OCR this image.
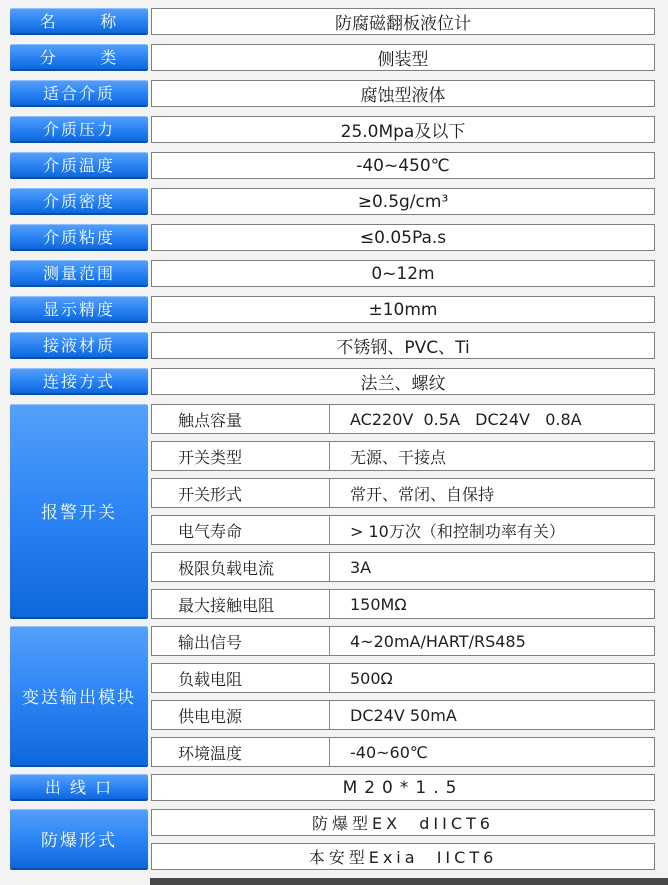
名      称	防腐磁翻板液位计
分      类	侧装型
适合介质	腐蚀型液体
介质压力	25.0Mpa及以下
介质温度	-40~450℃
介质密度	≥0.5g/cm³
介质粘度	≤0.05Pa.s
测量范围	0~12m
显示精度	±10mm
接液材质	不锈钢、PVC、Ti
连接方式	法兰、螺纹
报警开关
触点容量	AC220V  0.5A   DC24V   0.8A
开关类型	无源、干接点
开关形式	常开、常闭、自保持
电气寿命	> 10万次（和控制功率有关）
极限负载电流	3A
最大接触电阻	150MΩ
变送输出模块
输出信号	4~20mA/HART/RS485
负载电阻	500Ω
供电电源	DC24V 50mA
环境温度	-40~60℃
出 线 口	M20*1.5
防爆形式
防爆型EX  dIICT6
本安型Exia  IICT6
